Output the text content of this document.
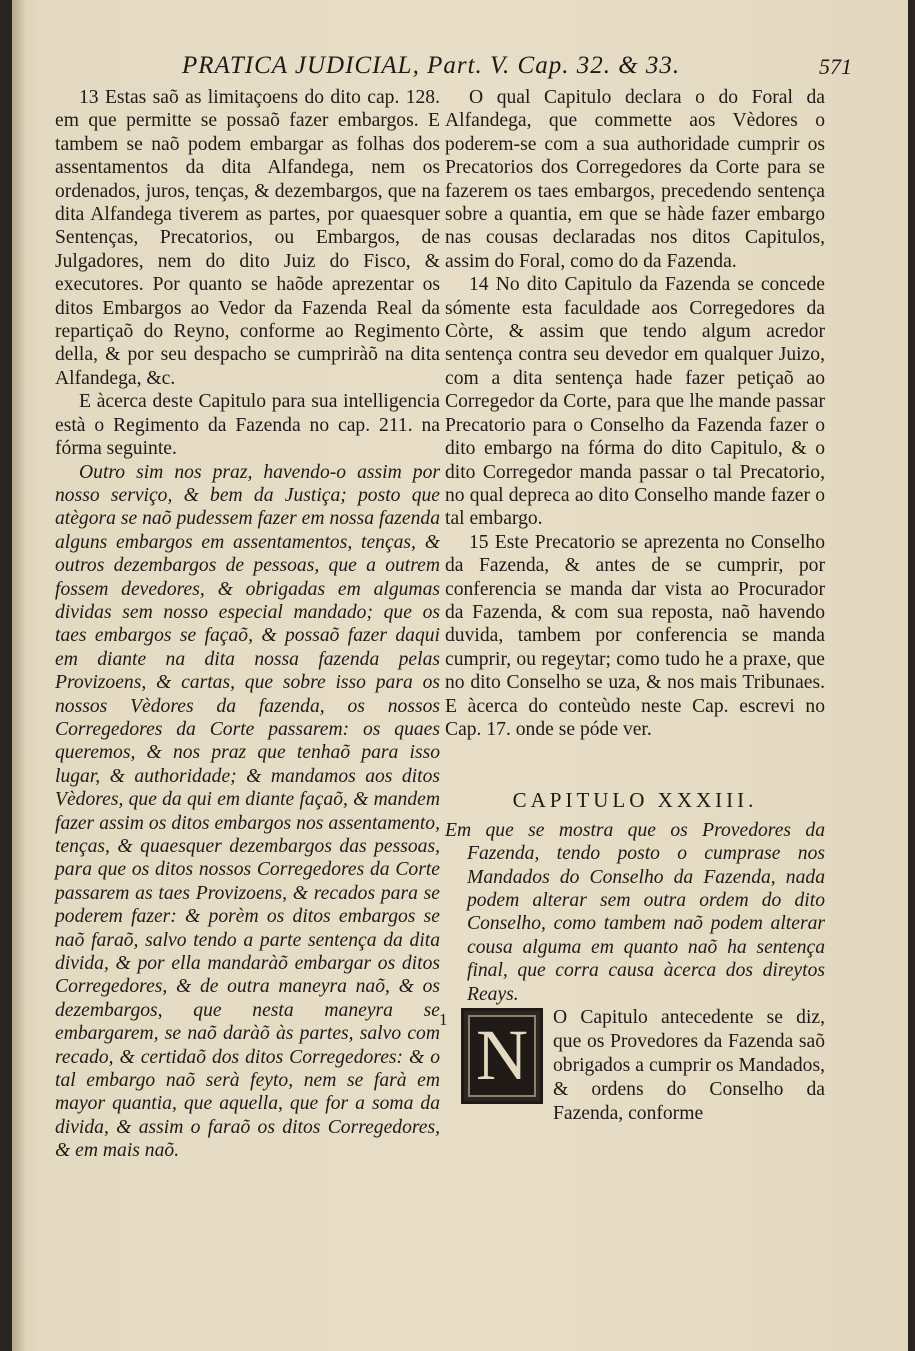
PRATICA JUDICIAL, Part. V. Cap. 32. & 33.	571

13 Estas saõ as limitaçoens do dito cap. 128. em que permitte se possaõ fazer embargos. E tambem se naõ podem embargar as folhas dos assentamentos da dita Alfandega, nem os ordenados, juros, tenças, & dezembargos, que na dita Alfandega tiverem as partes, por quaesquer Sentenças, Precatorios, ou Embargos, de Julgadores, nem do dito Juiz do Fisco, & executores. Por quanto se haõde aprezentar os ditos Embargos ao Vedor da Fazenda Real da repartiçaõ do Reyno, conforme ao Regimento della, & por seu despacho se cumpriràõ na dita Alfandega, &c.

E àcerca deste Capitulo para sua intelligencia està o Regimento da Fazenda no cap. 211. na fórma seguinte.

Outro sim nos praz, havendo-o assim por nosso serviço, & bem da Justiça; posto que atègora se naõ pudessem fazer em nossa fazenda alguns embargos em assentamentos, tenças, & outros dezembargos de pessoas, que a outrem fossem devedores, & obrigadas em algumas dividas sem nosso especial mandado; que os taes embargos se façaõ, & possaõ fazer daqui em diante na dita nossa fazenda pelas Provizoens, & cartas, que sobre isso para os nossos Vèdores da fazenda, os nossos Corregedores da Corte passarem: os quaes queremos, & nos praz que tenhaõ para isso lugar, & authoridade; & mandamos aos ditos Vèdores, que da qui em diante façaõ, & mandem fazer assim os ditos embargos nos assentamento, tenças, & quaesquer dezembargos das pessoas, para que os ditos nossos Corregedores da Corte passarem as taes Provizoens, & recados para se poderem fazer: & porèm os ditos embargos se naõ faraõ, salvo tendo a parte sentença da dita divida, & por ella mandaràõ embargar os ditos Corregedores, & de outra maneyra naõ, & os dezembargos, que nesta maneyra se embargarem, se naõ daràõ às partes, salvo com recado, & certidaõ dos ditos Corregedores: & o tal embargo naõ serà feyto, nem se farà em mayor quantia, que aquella, que for a soma da divida, & assim o faraõ os ditos Corregedores, & em mais naõ.

O qual Capitulo declara o do Foral da Alfandega, que commette aos Vèdores o poderem-se com a sua authoridade cumprir os Precatorios dos Corregedores da Corte para se fazerem os taes embargos, precedendo sentença sobre a quantia, em que se hàde fazer embargo nas cousas declaradas nos ditos Capitulos, assim do Foral, como do da Fazenda.

14 No dito Capitulo da Fazenda se concede sómente esta faculdade aos Corregedores da Còrte, & assim que tendo algum acredor sentença contra seu devedor em qualquer Juizo, com a dita sentença hade fazer petiçaõ ao Corregedor da Corte, para que lhe mande passar Precatorio para o Conselho da Fazenda fazer o dito embargo na fórma do dito Capitulo, & o dito Corregedor manda passar o tal Precatorio, no qual depreca ao dito Conselho mande fazer o tal embargo.

15 Este Precatorio se aprezenta no Conselho da Fazenda, & antes de se cumprir, por conferencia se manda dar vista ao Procurador da Fazenda, & com sua reposta, naõ havendo duvida, tambem por conferencia se manda cumprir, ou regeytar; como tudo he a praxe, que no dito Conselho se uza, & nos mais Tribunaes. E àcerca do conteùdo neste Cap. escrevi no Cap. 17. onde se póde ver.

CAPITULO XXXIII.

Em que se mostra que os Provedores da Fazenda, tendo posto o cumprase nos Mandados do Conselho da Fazenda, nada podem alterar sem outra ordem do dito Conselho, como tambem naõ podem alterar cousa alguma em quanto naõ ha sentença final, que corra causa àcerca dos direytos Reays.

1 N	O Capitulo antecedente se diz, que os Provedores da Fazenda saõ obrigados a cumprir os Mandados, & ordens do Conselho da Fazenda, conforme
